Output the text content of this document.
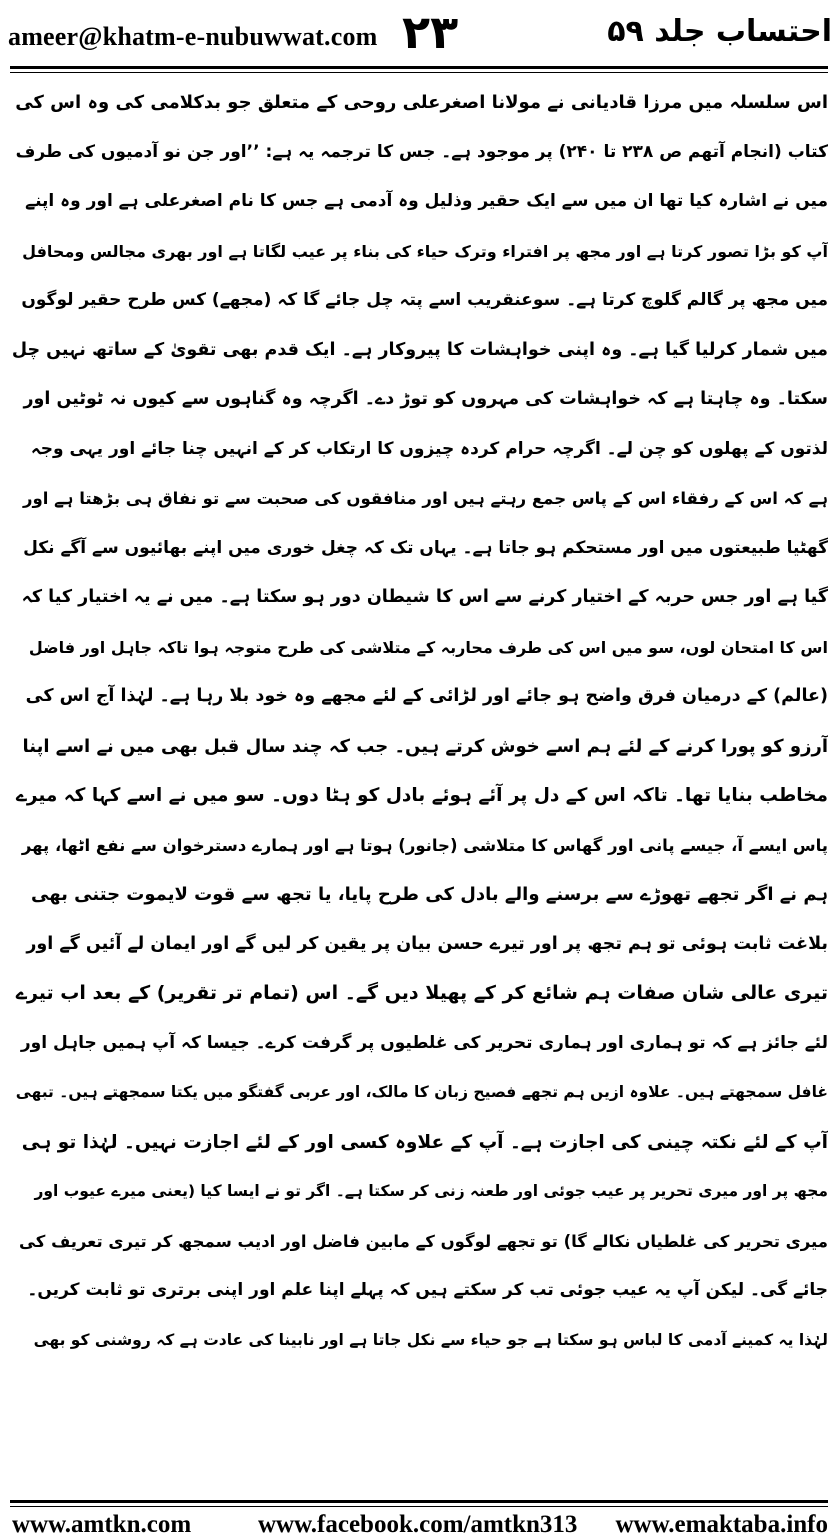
ameer@khatm-e-nubuwwat.com ۲۳	احتساب جلد ۵۹
اس سلسلہ میں مرزا قادیانی نے مولانا اصغرعلی روحی کے متعلق جو بدکلامی کی وہ اس کی
کتاب (انجام آتھم ص ۲۳۸ تا ۲۴۰) پر موجود ہے۔ جس کا ترجمہ یہ ہے: ’’اور جن نو آدمیوں کی طرف
میں نے اشارہ کیا تھا ان میں سے ایک حقیر وذلیل وہ آدمی ہے جس کا نام اصغرعلی ہے اور وہ اپنے
آپ کو بڑا تصور کرتا ہے اور مجھ پر افتراء وترک حیاء کی بناء پر عیب لگاتا ہے اور بھری مجالس ومحافل
میں مجھ پر گالم گلوچ کرتا ہے۔ سوعنقریب اسے پتہ چل جائے گا کہ (مجھے) کس طرح حقیر لوگوں
میں شمار کرلیا گیا ہے۔ وہ اپنی خواہشات کا پیروکار ہے۔ ایک قدم بھی تقویٰ کے ساتھ نہیں چل
سکتا۔ وہ چاہتا ہے کہ خواہشات کی مہروں کو توڑ دے۔ اگرچہ وہ گناہوں سے کیوں نہ ٹوٹیں اور
لذتوں کے پھلوں کو چن لے۔ اگرچہ حرام کردہ چیزوں کا ارتکاب کر کے انہیں چنا جائے اور یہی وجہ
ہے کہ اس کے رفقاء اس کے پاس جمع رہتے ہیں اور منافقوں کی صحبت سے تو نفاق ہی بڑھتا ہے اور
گھٹیا طبیعتوں میں اور مستحکم ہو جاتا ہے۔ یہاں تک کہ چغل خوری میں اپنے بھائیوں سے آگے نکل
گیا ہے اور جس حربہ کے اختیار کرنے سے اس کا شیطان دور ہو سکتا ہے۔ میں نے یہ اختیار کیا کہ
اس کا امتحان لوں، سو میں اس کی طرف محاربہ کے متلاشی کی طرح متوجہ ہوا تاکہ جاہل اور فاضل
(عالم) کے درمیان فرق واضح ہو جائے اور لڑائی کے لئے مجھے وہ خود بلا رہا ہے۔ لہٰذا آج اس کی
آرزو کو پورا کرنے کے لئے ہم اسے خوش کرتے ہیں۔ جب کہ چند سال قبل بھی میں نے اسے اپنا
مخاطب بنایا تھا۔ تاکہ اس کے دل پر آئے ہوئے بادل کو ہٹا دوں۔ سو میں نے اسے کہا کہ میرے
پاس ایسے آ، جیسے پانی اور گھاس کا متلاشی (جانور) ہوتا ہے اور ہمارے دسترخوان سے نفع اٹھا، پھر
ہم نے اگر تجھے تھوڑے سے برسنے والے بادل کی طرح پایا، یا تجھ سے قوت لایموت جتنی بھی
بلاغت ثابت ہوئی تو ہم تجھ پر اور تیرے حسن بیان پر یقین کر لیں گے اور ایمان لے آئیں گے اور
تیری عالی شان صفات ہم شائع کر کے پھیلا دیں گے۔ اس (تمام تر تقریر) کے بعد اب تیرے
لئے جائز ہے کہ تو ہماری اور ہماری تحریر کی غلطیوں پر گرفت کرے۔ جیسا کہ آپ ہمیں جاہل اور
غافل سمجھتے ہیں۔ علاوہ ازیں ہم تجھے فصیح زبان کا مالک، اور عربی گفتگو میں یکتا سمجھتے ہیں۔ تبھی
آپ کے لئے نکتہ چینی کی اجازت ہے۔ آپ کے علاوہ کسی اور کے لئے اجازت نہیں۔ لہٰذا تو ہی
مجھ پر اور میری تحریر پر عیب جوئی اور طعنہ زنی کر سکتا ہے۔ اگر تو نے ایسا کیا (یعنی میرے عیوب اور
میری تحریر کی غلطیاں نکالے گا) تو تجھے لوگوں کے مابین فاضل اور ادیب سمجھ کر تیری تعریف کی
جائے گی۔ لیکن آپ یہ عیب جوئی تب کر سکتے ہیں کہ پہلے اپنا علم اور اپنی برتری تو ثابت کریں۔
لہٰذا یہ کمینے آدمی کا لباس ہو سکتا ہے جو حیاء سے نکل جاتا ہے اور نابینا کی عادت ہے کہ روشنی کو بھی
www.amtkn.com	www.facebook.com/amtkn313 www.emaktaba.info
